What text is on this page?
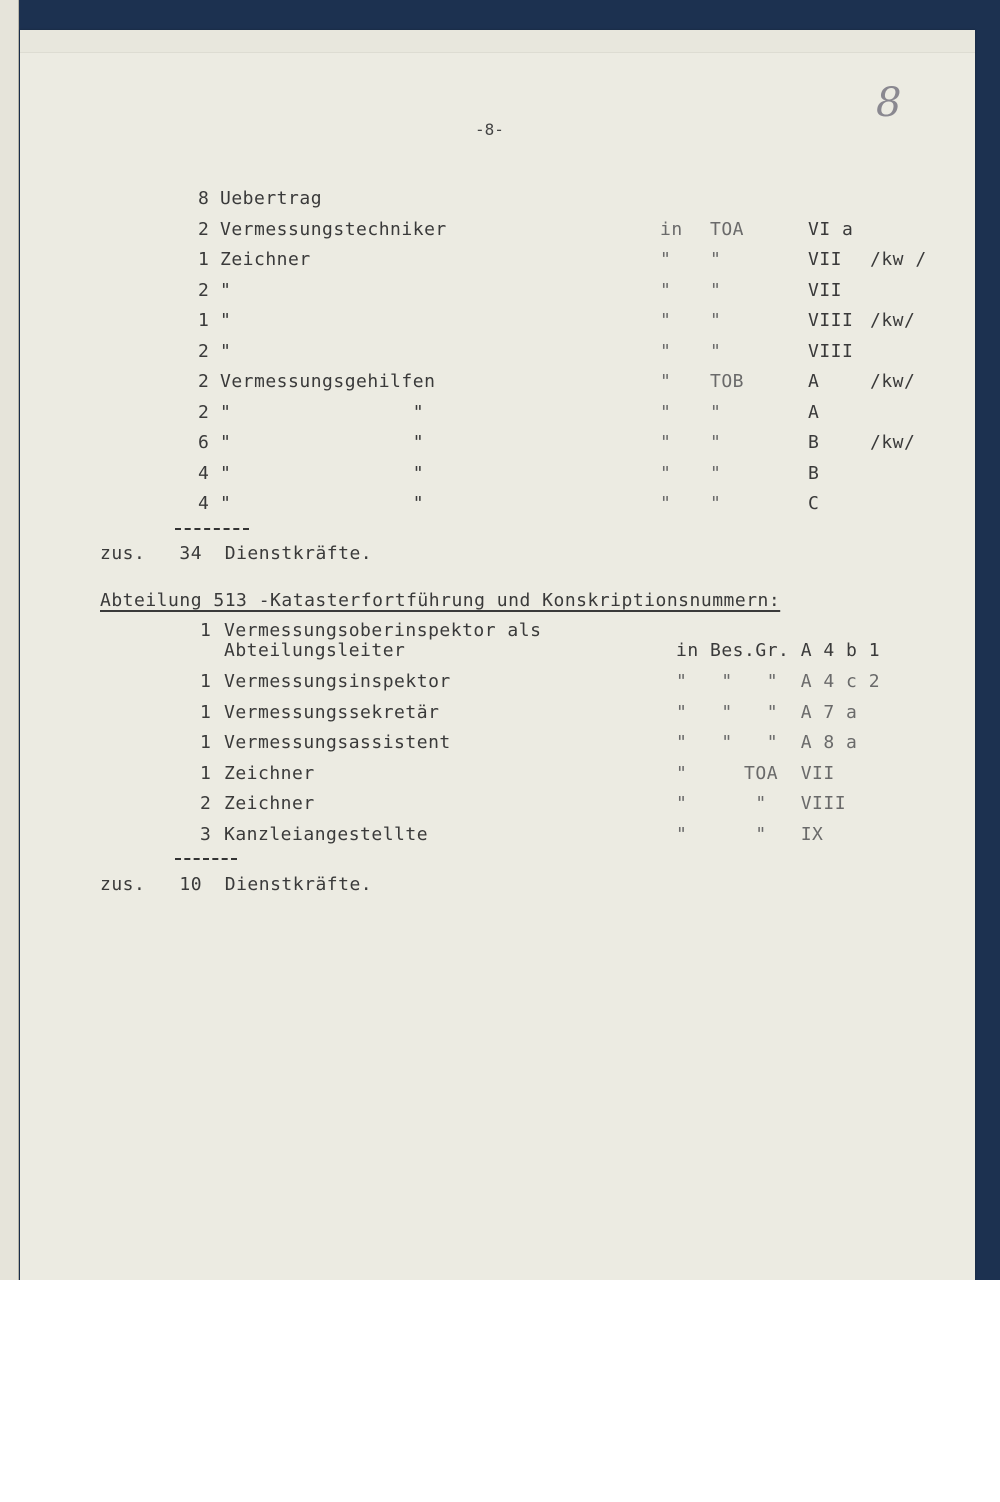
-8-
8
8 Uebertrag
2 Vermessungstechniker	in TOA	VI a
1 Zeichner	" "	VII /kw /
2 "	" "	VII
1 "	" "	VIII /kw/
2 "	" "	VIII
2 Vermessungsgehilfen	" TOB	A	/kw/
2 "                "	" "	A
6 "                "	" "	B	/kw/
4 "                "	" "	B
4 "                "	" "	C
zus. 34 Dienstkräfte.
Abteilung 513 -Katasterfortführung und Konskriptionsnummern:
1 Vermessungsoberinspektor als
Abteilungsleiter	in Bes.Gr. A 4 b 1
1 Vermessungsinspektor	"   "   "  A 4 c 2
1 Vermessungssekretär	"   "   "  A 7 a
1 Vermessungsassistent	"   "   "  A 8 a
1 Zeichner	"     TOA  VII
2 Zeichner	"      "   VIII
3 Kanzleiangestellte	"      "   IX
zus. 10 Dienstkräfte.
